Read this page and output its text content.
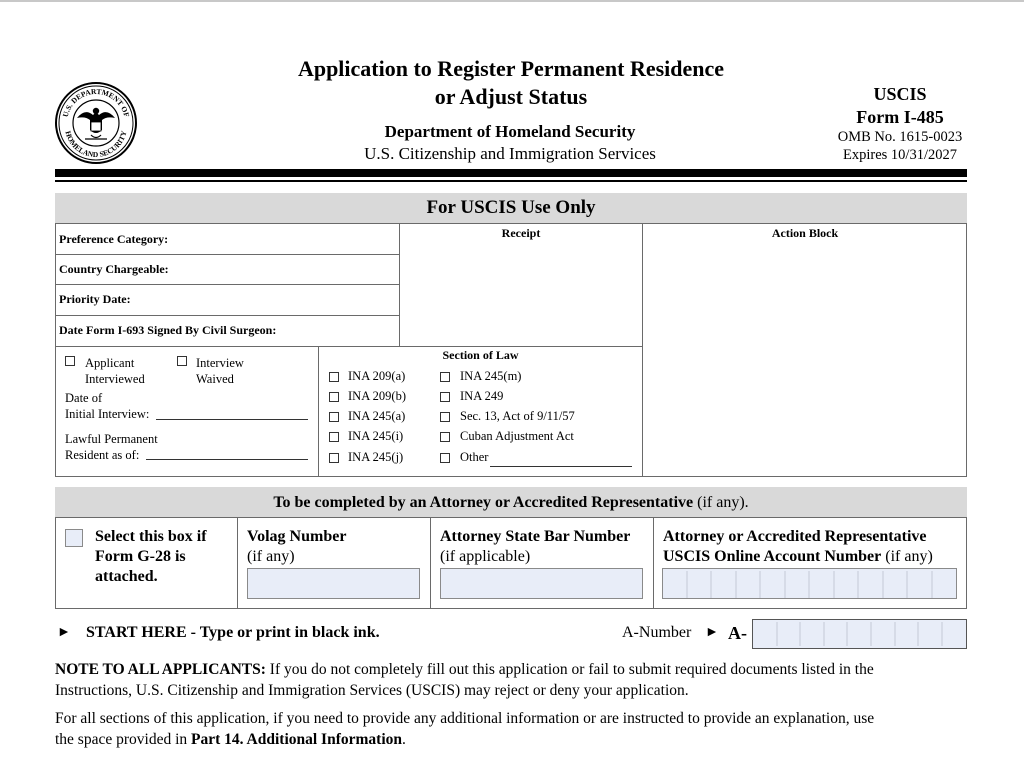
U.S. DEPARTMENT OF
HOMELAND SECURITY
Application to Register Permanent Residence
or Adjust Status
Department of Homeland Security
U.S. Citizenship and Immigration Services
USCIS
Form I-485
OMB No. 1615-0023
Expires 10/31/2027
For USCIS Use Only
Preference Category:
Country Chargeable:
Priority Date:
Date Form I-693 Signed By Civil Surgeon:
Receipt	Action Block
Applicant
Interviewed
Interview
Waived
Date of
Initial Interview:
Lawful Permanent
Resident as of:
Section of Law
INA 209(a)
INA 209(b)
INA 245(a)
INA 245(i)
INA 245(j)
INA 245(m)
INA 249
Sec. 13, Act of 9/11/57
Cuban Adjustment Act
Other
To be completed by an Attorney or Accredited Representative (if any).
Select this box if
Form G-28 is
attached.
Volag Number
(if any)
Attorney State Bar Number
(if applicable)
Attorney or Accredited Representative
USCIS Online Account Number (if any)
► START HERE - Type or print in black ink.	A-Number ► A-
NOTE TO ALL APPLICANTS: If you do not completely fill out this application or fail to submit required documents listed in the
Instructions, U.S. Citizenship and Immigration Services (USCIS) may reject or deny your application.
For all sections of this application, if you need to provide any additional information or are instructed to provide an explanation, use
the space provided in Part 14. Additional Information.
